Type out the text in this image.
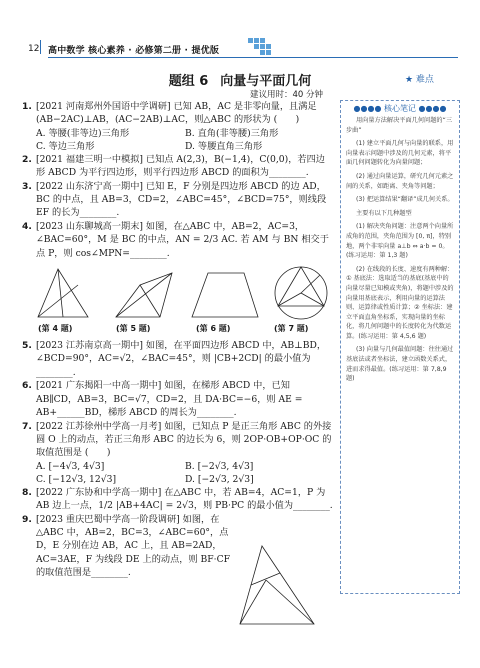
12 高中数学 核心素养 · 必修第二册 · 提优版
题组 6 向量与平面几何	★ 难点
建议用时：40 分钟

1. [2021 河南郑州外国语中学调研] 已知 AB，AC 是非零向量，且满足 (AB−2AC)⊥AB，(AC−2AB)⊥AC，则△ABC 的形状为 (　　)

A. 等腰(非等边)三角形	B. 直角(非等腰)三角形
C. 等边三角形	D. 等腰直角三角形

2. [2021 福建三明一中模拟] 已知点 A(2,3)，B(−1,4)，C(0,0)，若四边形 ABCD 为平行四边形，则平行四边形 ABCD 的面积为________.

3. [2022 山东济宁高一期中] 已知 E，F 分别是四边形 ABCD 的边 AD，BC 的中点，且 AB=3，CD=2，∠ABC=45°，∠BCD=75°，则线段 EF 的长为________.

4. [2023 山东聊城高一期末] 如图，在△ABC 中，AB=2，AC=3，∠BAC=60°，M 是 BC 的中点，AN = 2/3 AC. 若 AM 与 BN 相交于点 P，则 cos∠MPN=________.

(第 4 题)	(第 5 题)	(第 6 题)	(第 7 题)

5. [2023 江苏南京高一期中] 如图，在平面四边形 ABCD 中，AB⊥BD，∠BCD=90°，AC=√2，∠BAC=45°，则 |CB+2CD| 的最小值为________.

6. [2021 广东揭阳一中高一期中] 如图，在梯形 ABCD 中，已知 AB∥CD，AB=3，BC=√7，CD=2，且 DA·BC=−6，则 AE = AB+______BD，梯形 ABCD 的周长为________.

7. [2022 江苏徐州中学高一月考] 如图，已知点 P 是正三角形 ABC 的外接圆 O 上的动点，若正三角形 ABC 的边长为 6，则 2OP·OB+OP·OC 的取值范围是 (　　)

A. [−4√3, 4√3]	B. [−2√3, 4√3]
C. [−12√3, 12√3]	D. [−2√3, 2√3]

8. [2022 广东协和中学高一期中] 在△ABC 中，若 AB=4，AC=1，P 为 AB 边上一点，1/2 |AB+4AC| = 2√3，则 PB·PC 的最小值为________.

9. [2023 重庆巴蜀中学高一阶段调研] 如图，在△ABC 中，AB=2，BC=3，∠ABC=60°，点 D，E 分别在边 AB，AC 上，且 AB=2AD，AC=3AE，F 为线段 DE 上的动点，则 BF·CF 的取值范围是________.

●●●● 核心笔记 ●●●●

用向量方法解决平面几何问题的“三步曲”

(1) 建立平面几何与向量的联系，用向量表示问题中涉及的几何元素，将平面几何问题转化为向量问题；

(2) 通过向量运算，研究几何元素之间的关系，如距离、夹角等问题；

(3) 把运算结果“翻译”成几何关系。

主要有以下几种题型

(1) 解决夹角问题：注意两个向量所成角的范围，夹角范围为 [0, π]，特别地，两个非零向量 a⊥b ⇔ a·b = 0。(练习运用：第 1,3 题)

(2) 在线段的长度、速度有两种解：① 基底法：选取适当的基底(基底中的向量尽量已知模或夹角)，将题中涉及的向量用基底表示，利用向量的运算法则、运算律或性质计算；② 坐标法：建立平面直角坐标系，实现向量的坐标化，将几何问题中的长度转化为代数运算。(练习运用：第 4,5,6 题)

(3) 向量与几何最值问题：往往通过基底法或者坐标法，建立函数关系式，进而求得最值。(练习运用：第 7,8,9 题)
